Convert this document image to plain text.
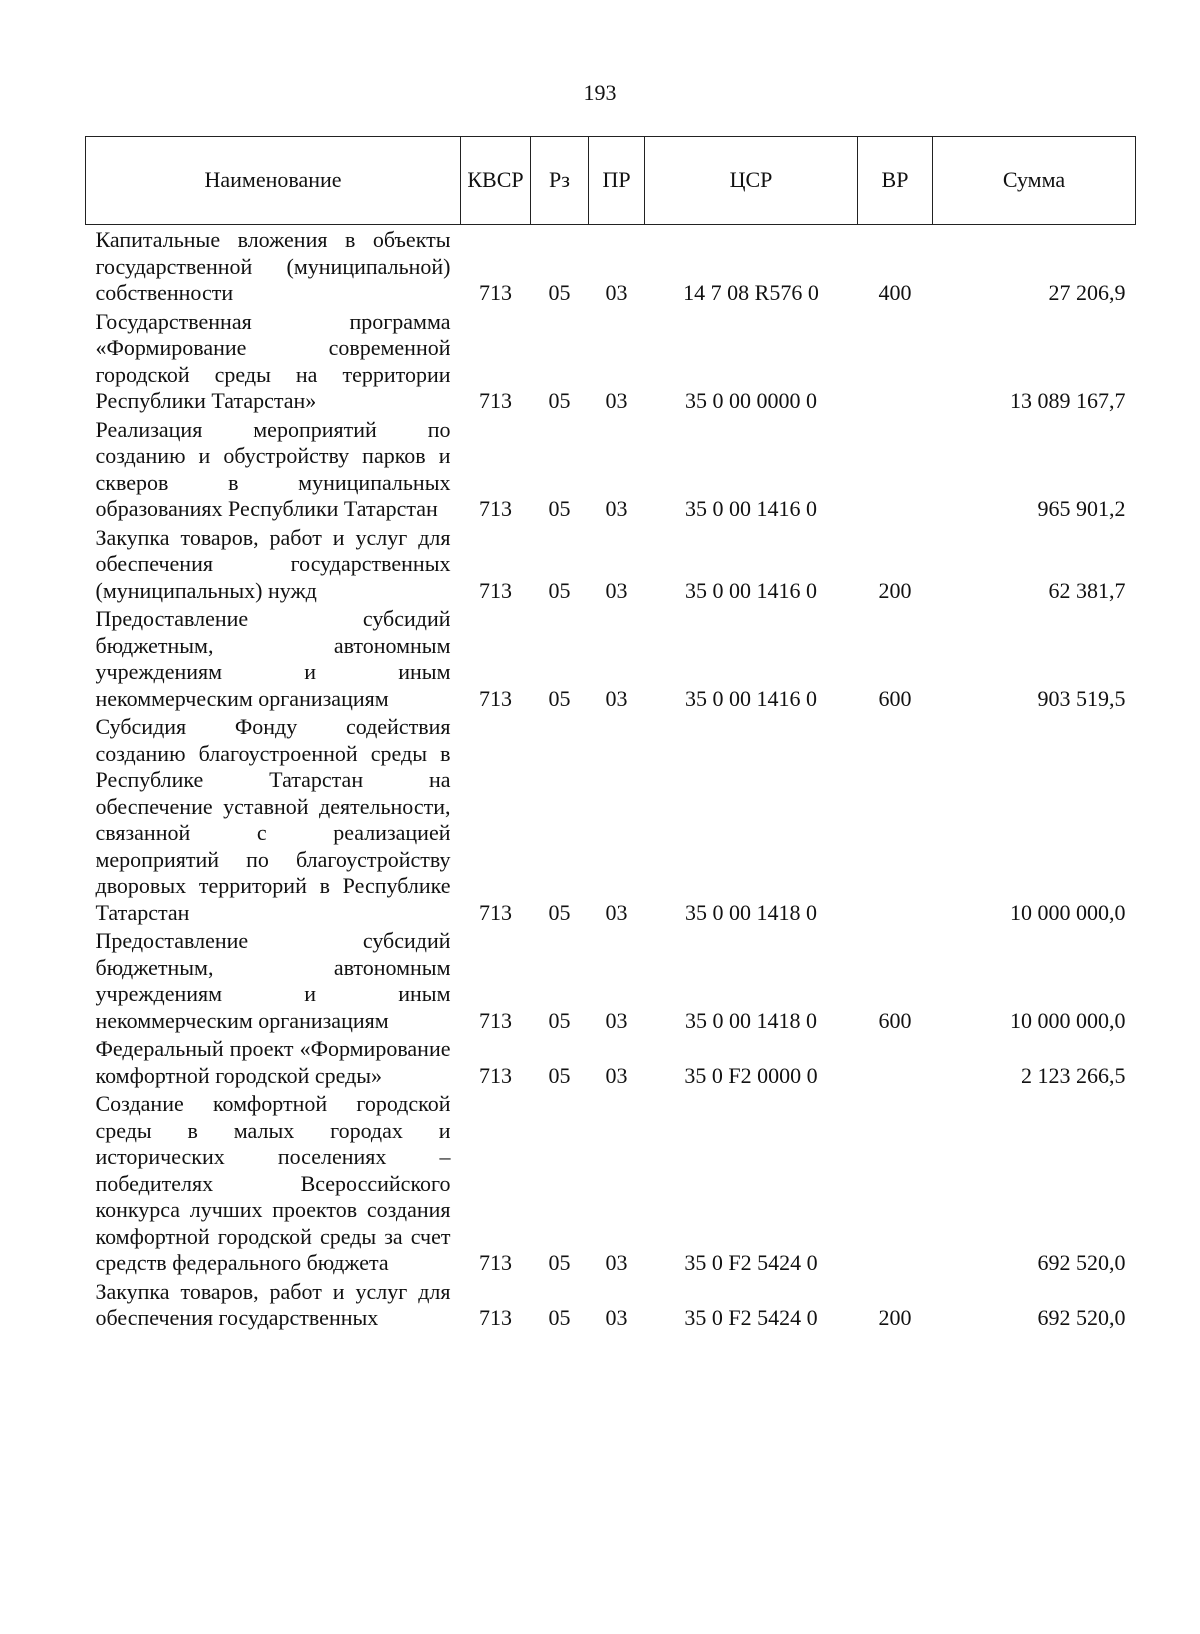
193
Наименование	КВСР	Рз	ПР	ЦСР	ВР	Сумма
Капитальные вложения в объекты государственной (муниципальной) собственности	713	05	03	14 7 08 R576 0	400	27 206,9
Государственная программа «Формирование современной городской среды на территории Республики Татарстан»	713	05	03	35 0 00 0000 0		13 089 167,7
Реализация мероприятий по созданию и обустройству парков и скверов в муниципальных образованиях Республики Татарстан	713	05	03	35 0 00 1416 0		965 901,2
Закупка товаров, работ и услуг для обеспечения государственных (муниципальных) нужд	713	05	03	35 0 00 1416 0	200	62 381,7
Предоставление субсидий бюджетным, автономным учреждениям и иным некоммерческим организациям	713	05	03	35 0 00 1416 0	600	903 519,5
Субсидия Фонду содействия созданию благоустроенной среды в Республике Татарстан на обеспечение уставной деятельности, связанной с реализацией мероприятий по благоустройству дворовых территорий в Республике Татарстан	713	05	03	35 0 00 1418 0		10 000 000,0
Предоставление субсидий бюджетным, автономным учреждениям и иным некоммерческим организациям	713	05	03	35 0 00 1418 0	600	10 000 000,0
Федеральный проект «Формирование комфортной городской среды»	713	05	03	35 0 F2 0000 0		2 123 266,5
Создание комфортной городской среды в малых городах и исторических поселениях – победителях Всероссийского конкурса лучших проектов создания комфортной городской среды за счет средств федерального бюджета	713	05	03	35 0 F2 5424 0		692 520,0
Закупка товаров, работ и услуг для обеспечения государственных	713	05	03	35 0 F2 5424 0	200	692 520,0
